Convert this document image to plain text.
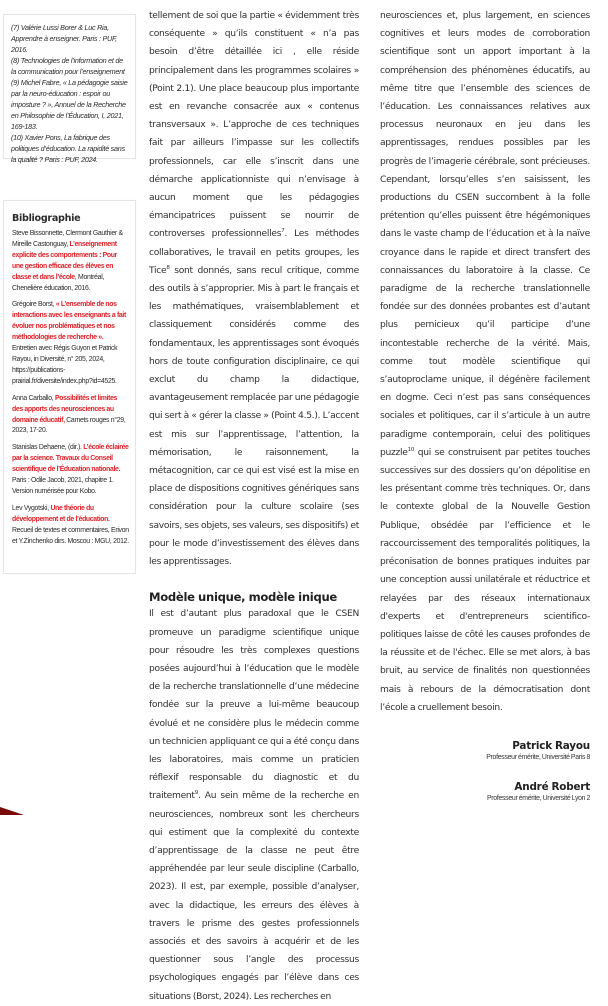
(7) Valérie Lussi Borer & Luc Ria, Apprendre à enseigner. Paris : PUF, 2016.

(8) Technologies de l’information et de la communication pour l’enseignement

(9) Michel Fabre, « La pédagogie saisie par la neuro-éducation : espoir ou imposture ? », Annuel de la Recherche en Philosophie de l’Éducation, I, 2021, 169-183.

(10) Xavier Pons, La fabrique des politiques d’éducation. La rapidité sans la qualité ? Paris : PUF, 2024.

Bibliographie

Steve Bissonnette, Clermont Gauthier & Mireille Castonguay, L’enseignement explicite des comportements : Pour une gestion efficace des élèves en classe et dans l’école, Montréal, Chenelière éducation, 2016.

Grégoire Borst, « L’ensemble de nos interactions avec les enseignants a fait évoluer nos problématiques et nos méthodologies de recherche ». Entretien avec Régis Guyon et Patrick Rayou, in Diversité, n° 205, 2024, https://publications-prairial.fr/diversite/index.php?id=4525.

Anna Carballo, Possibilités et limites des apports des neurosciences au domaine éducatif, Carnets rouges n°29, 2023, 17-20.

Stanislas Dehaene, (dir.). L’école éclairée par la science. Travaux du Conseil scientifique de l’Éducation nationale. Paris : Odile Jacob, 2021, chapitre 1. Version numérisée pour Kobo.

Lev Vygotski, Une théorie du développement et de l’éducation. Recueil de textes et commentaires, Erivon et Y.Zinchenko dirs. Moscou : MGU, 2012.

tellement de soi que la partie « évidemment très conséquente » qu’ils constituent « n’a pas besoin d’être détaillée ici , elle réside principalement dans les programmes scolaires » (Point 2.1). Une place beaucoup plus importante est en revanche consacrée aux « contenus transversaux ». L’approche de ces techniques fait par ailleurs l’impasse sur les collectifs professionnels, car elle s’inscrit dans une démarche applicationniste qui n’envisage à aucun moment que les pédagogies émancipatrices puissent se nourrir de controverses professionnelles$^7$. Les méthodes collaboratives, le travail en petits groupes, les Tice$^8$ sont donnés, sans recul critique, comme des outils à s’approprier. Mis à part le français et les mathématiques, vraisemblablement et classiquement considérés comme des fondamentaux, les apprentissages sont évoqués hors de toute configuration disciplinaire, ce qui exclut du champ la didactique, avantageusement remplacée par une pédagogie qui sert à « gérer la classe » (Point 4.5.). L’accent est mis sur l’apprentissage, l’attention, la mémorisation, le raisonnement, la métacognition, car ce qui est visé est la mise en place de dispositions cognitives génériques sans considération pour la culture scolaire (ses savoirs, ses objets, ses valeurs, ses dispositifs) et pour le mode d’investissement des élèves dans les apprentissages.

Modèle unique, modèle inique

Il est d’autant plus paradoxal que le CSEN promeuve un paradigme scientifique unique pour résoudre les très complexes questions posées aujourd’hui à l’éducation que le modèle de la recherche translationnelle d’une médecine fondée sur la preuve a lui-même beaucoup évolué et ne considère plus le médecin comme un technicien appliquant ce qui a été conçu dans les laboratoires, mais comme un praticien réflexif responsable du diagnostic et du traitement$^9$. Au sein même de la recherche en neurosciences, nombreux sont les chercheurs qui estiment que la complexité du contexte d’apprentissage de la classe ne peut être appréhendée par leur seule discipline (Carballo, 2023). Il est, par exemple, possible d’analyser, avec la didactique, les erreurs des élèves à travers le prisme des gestes professionnels associés et des savoirs à acquérir et de les questionner sous l’angle des processus psychologiques engagés par l’élève dans ces situations (Borst, 2024). Les recherches en

neurosciences et, plus largement, en sciences cognitives et leurs modes de corroboration scientifique sont un apport important à la compréhension des phénomènes éducatifs, au même titre que l’ensemble des sciences de l’éducation. Les connaissances relatives aux processus neuronaux en jeu dans les apprentissages, rendues possibles par les progrès de l’imagerie cérébrale, sont précieuses. Cependant, lorsqu’elles s’en saisissent, les productions du CSEN succombent à la folle prétention qu’elles puissent être hégémoniques dans le vaste champ de l’éducation et à la naïve croyance dans le rapide et direct transfert des connaissances du laboratoire à la classe. Ce paradigme de la recherche translationnelle fondée sur des données probantes est d’autant plus pernicieux qu’il participe d’une incontestable recherche de la vérité. Mais, comme tout modèle scientifique qui s’autoproclame unique, il dégénère facilement en dogme. Ceci n’est pas sans conséquences sociales et politiques, car il s’articule à un autre paradigme contemporain, celui des politiques puzzle$^{10}$ qui se construisent par petites touches successives sur des dossiers qu’on dépolitise en les présentant comme très techniques. Or, dans le contexte global de la Nouvelle Gestion Publique, obsédée par l’efficience et le raccourcissement des temporalités politiques, la préconisation de bonnes pratiques induites par une conception aussi unilatérale et réductrice et relayées par des réseaux internationaux d'experts et d'entrepreneurs scientifico-politiques laisse de côté les causes profondes de la réussite et de l'échec. Elle se met alors, à bas bruit, au service de finalités non questionnées mais à rebours de la démocratisation dont l’école a cruellement besoin.

Patrick Rayou
Professeur émérite, Université Paris 8
André Robert
Professeur émérite, Université Lyon 2
